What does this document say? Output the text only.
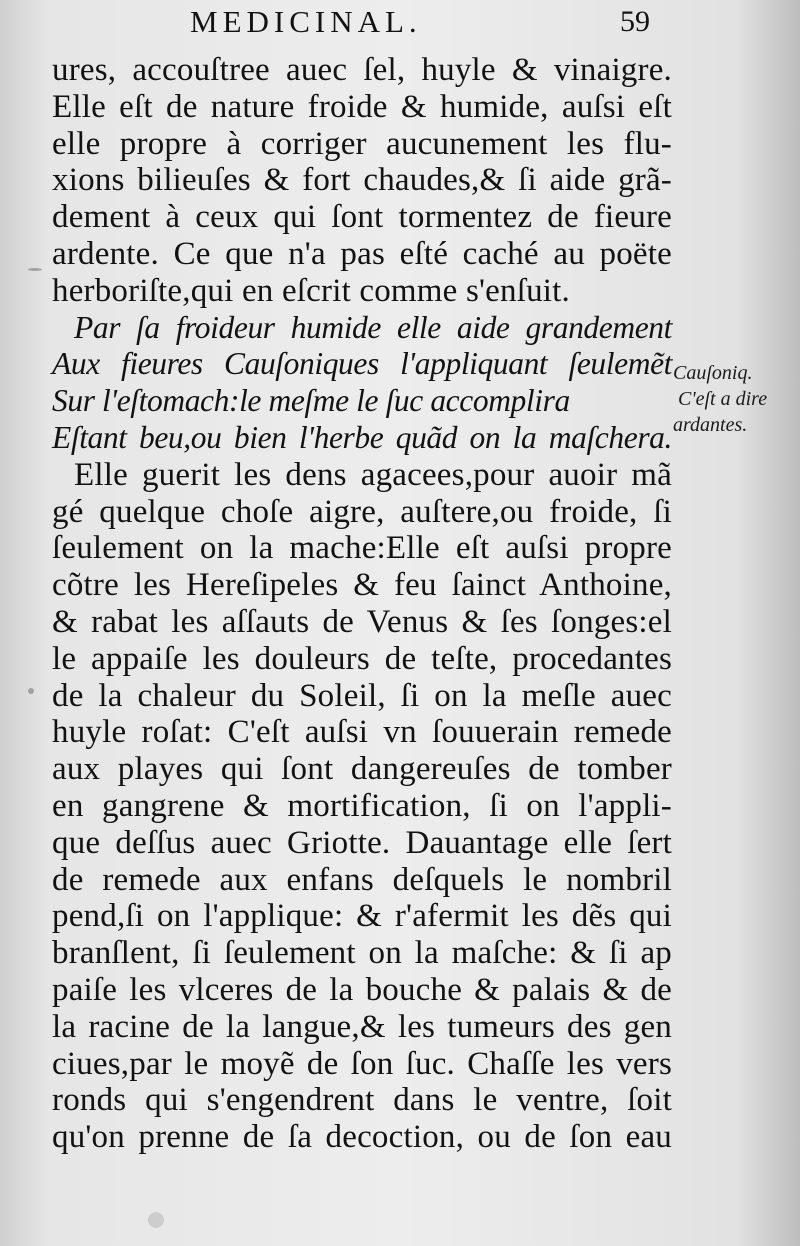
MEDICINAL.	59
ures, accouſtree auec ſel, huyle & vinaigre.
Elle eſt de nature froide & humide, auſsi eſt
elle propre à corriger aucunement les flu-
xions bilieuſes & fort chaudes,& ſi aide grã-
dement à ceux qui ſont tormentez de fieure
ardente. Ce que n'a pas eſté caché au poëte
herboriſte,qui en eſcrit comme s'enſuit.
Par ſa froideur humide elle aide grandement
Aux fieures Cauſoniques l'appliquant ſeulemẽt
Sur l'eſtomach:le meſme le ſuc accomplira
Eſtant beu,ou bien l'herbe quãd on la maſchera.
Elle guerit les dens agacees,pour auoir mã
gé quelque choſe aigre, auſtere,ou froide, ſi
ſeulement on la mache:Elle eſt auſsi propre
cõtre les Hereſipeles & feu ſainct Anthoine,
& rabat les aſſauts de Venus & ſes ſonges:el
le appaiſe les douleurs de teſte, procedantes
de la chaleur du Soleil, ſi on la meſle auec
huyle roſat: C'eſt auſsi vn ſouuerain remede
aux playes qui ſont dangereuſes de tomber
en gangrene & mortification, ſi on l'appli-
que deſſus auec Griotte. Dauantage elle ſert
de remede aux enfans deſquels le nombril
pend,ſi on l'applique: & r'afermit les dẽs qui
branſlent, ſi ſeulement on la maſche: & ſi ap
paiſe les vlceres de la bouche & palais & de
la racine de la langue,& les tumeurs des gen
ciues,par le moyẽ de ſon ſuc. Chaſſe les vers
ronds qui s'engendrent dans le ventre, ſoit
qu'on prenne de ſa decoction, ou de ſon eau
Cauſoniq.
C'eſt a dire
ardantes.
